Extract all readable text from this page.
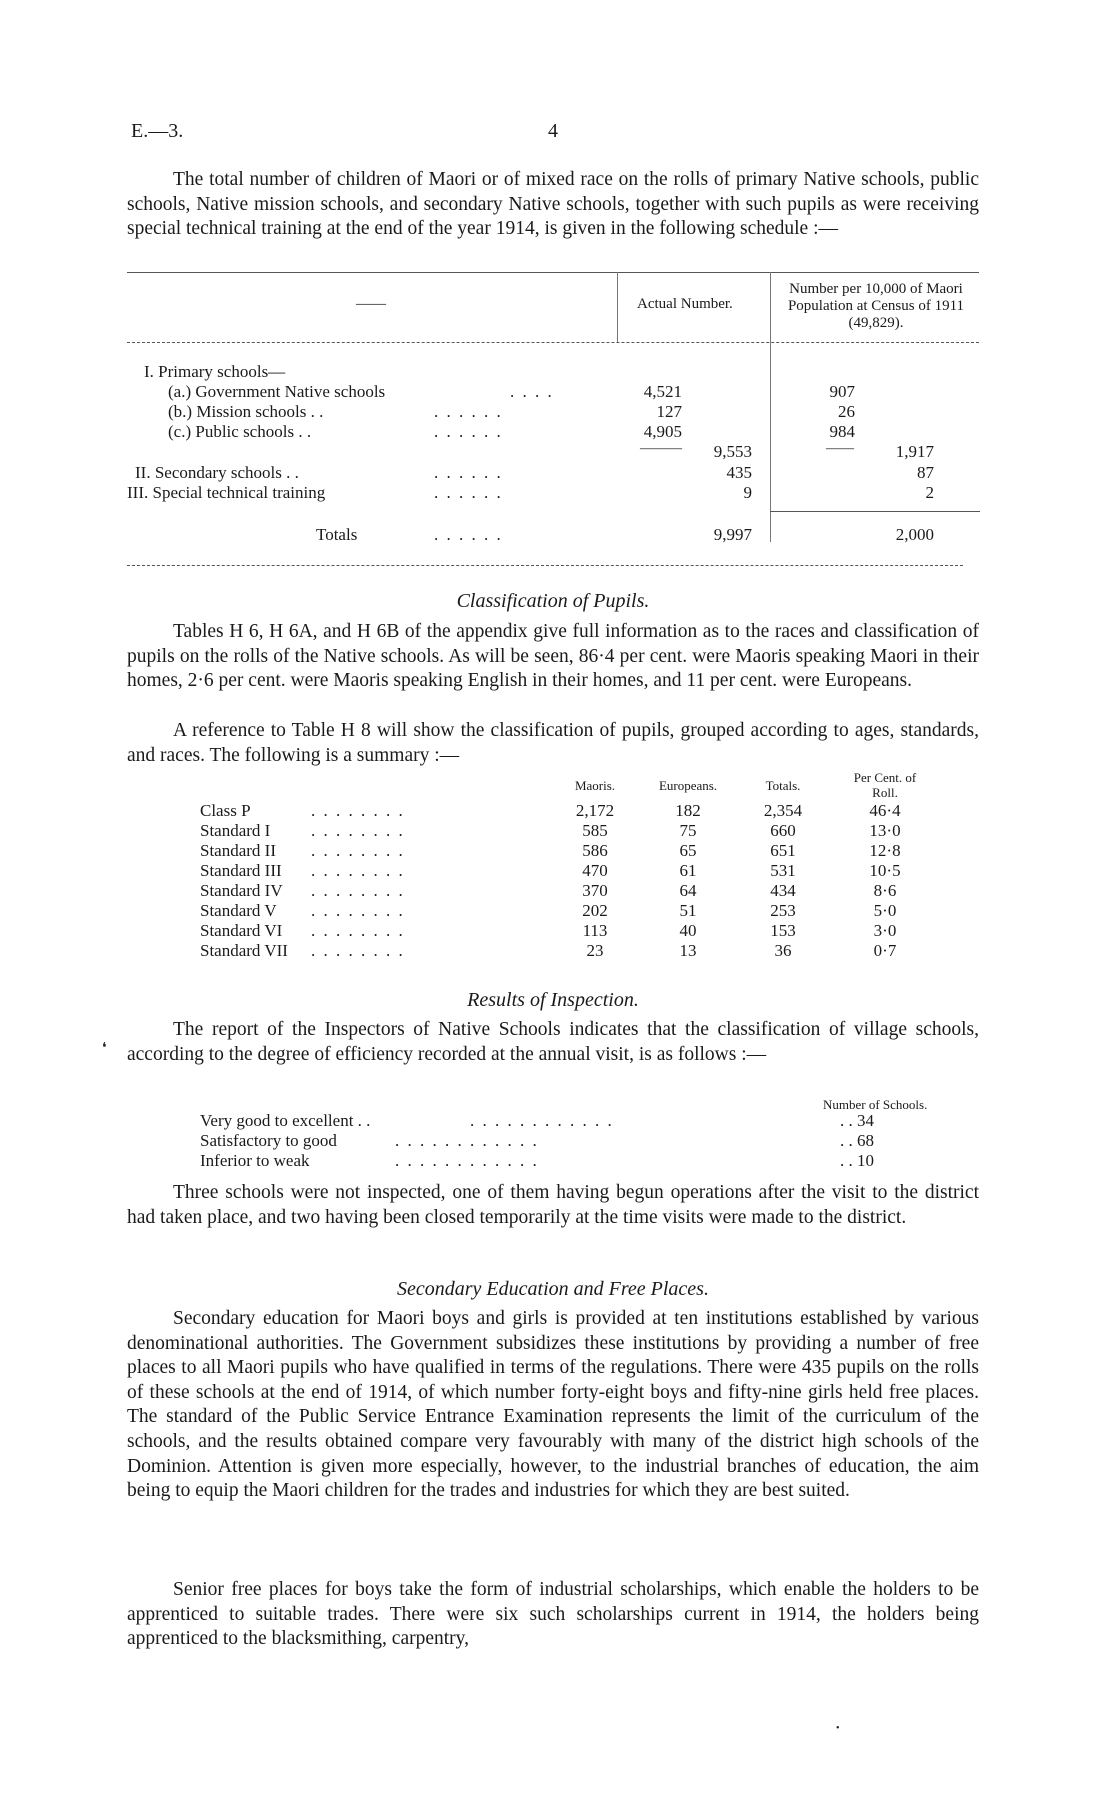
E.—3.	4
The total number of children of Maori or of mixed race on the rolls of primary Native schools, public schools, Native mission schools, and secondary Native schools, together with such pupils as were receiving special technical training at the end of the year 1914, is given in the following schedule :—
——	Actual Number.
Number per 10,000 of Maori Population at Census of 1911 (49,829).
I. Primary schools—
(a.) Government Native schools	. . . .	4,521	907
(b.) Mission schools . .	. . . . . .	127	26
(c.) Public schools . .	. . . . . .	4,905	984
———	9,553	——	1,917
II. Secondary schools . .	. . . . . .	435	87
III. Special technical training	. . . . . .	9	2
Totals	. . . . . .	9,997	2,000
Classification of Pupils.
Tables H 6, H 6A, and H 6B of the appendix give full information as to the races and classification of pupils on the rolls of the Native schools. As will be seen, 86·4 per cent. were Maoris speaking Maori in their homes, 2·6 per cent. were Maoris speaking English in their homes, and 11 per cent. were Europeans.
A reference to Table H 8 will show the classification of pupils, grouped according to ages, standards, and races. The following is a summary :—
Maoris.	Europeans.	Totals.
Per Cent. of Roll.
Class P	. . . . . . . .	2,172	182	2,354	46·4
Standard I . . . . . . . .	585	75	660	13·0
Standard II . . . . . . . .	586	65	651	12·8
Standard III . . . . . . . .	470	61	531	10·5
Standard IV . . . . . . . .	370	64	434	8·6
Standard V . . . . . . . .	202	51	253	5·0
Standard VI . . . . . . . .	113	40	153	3·0
Standard VII . . . . . . . .	23	13	36	0·7
Results of Inspection.
The report of the Inspectors of Native Schools indicates that the classification of village schools, according to the degree of efficiency recorded at the annual visit, is as follows :—
Number of Schools.
Very good to excellent . .	. . . . . . . . . . . .	. . 34
Satisfactory to good	. . . . . . . . . . . .	. . 68
Inferior to weak	. . . . . . . . . . . .	. . 10
Three schools were not inspected, one of them having begun operations after the visit to the district had taken place, and two having been closed temporarily at the time visits were made to the district.
Secondary Education and Free Places.
Secondary education for Maori boys and girls is provided at ten institutions established by various denominational authorities. The Government subsidizes these institutions by providing a number of free places to all Maori pupils who have qualified in terms of the regulations. There were 435 pupils on the rolls of these schools at the end of 1914, of which number forty-eight boys and fifty-nine girls held free places. The standard of the Public Service Entrance Examination represents the limit of the curriculum of the schools, and the results obtained compare very favourably with many of the district high schools of the Dominion. Attention is given more especially, however, to the industrial branches of education, the aim being to equip the Maori children for the trades and industries for which they are best suited.
Senior free places for boys take the form of industrial scholarships, which enable the holders to be apprenticed to suitable trades. There were six such scholarships current in 1914, the holders being apprenticed to the blacksmithing, carpentry,
❛
•
